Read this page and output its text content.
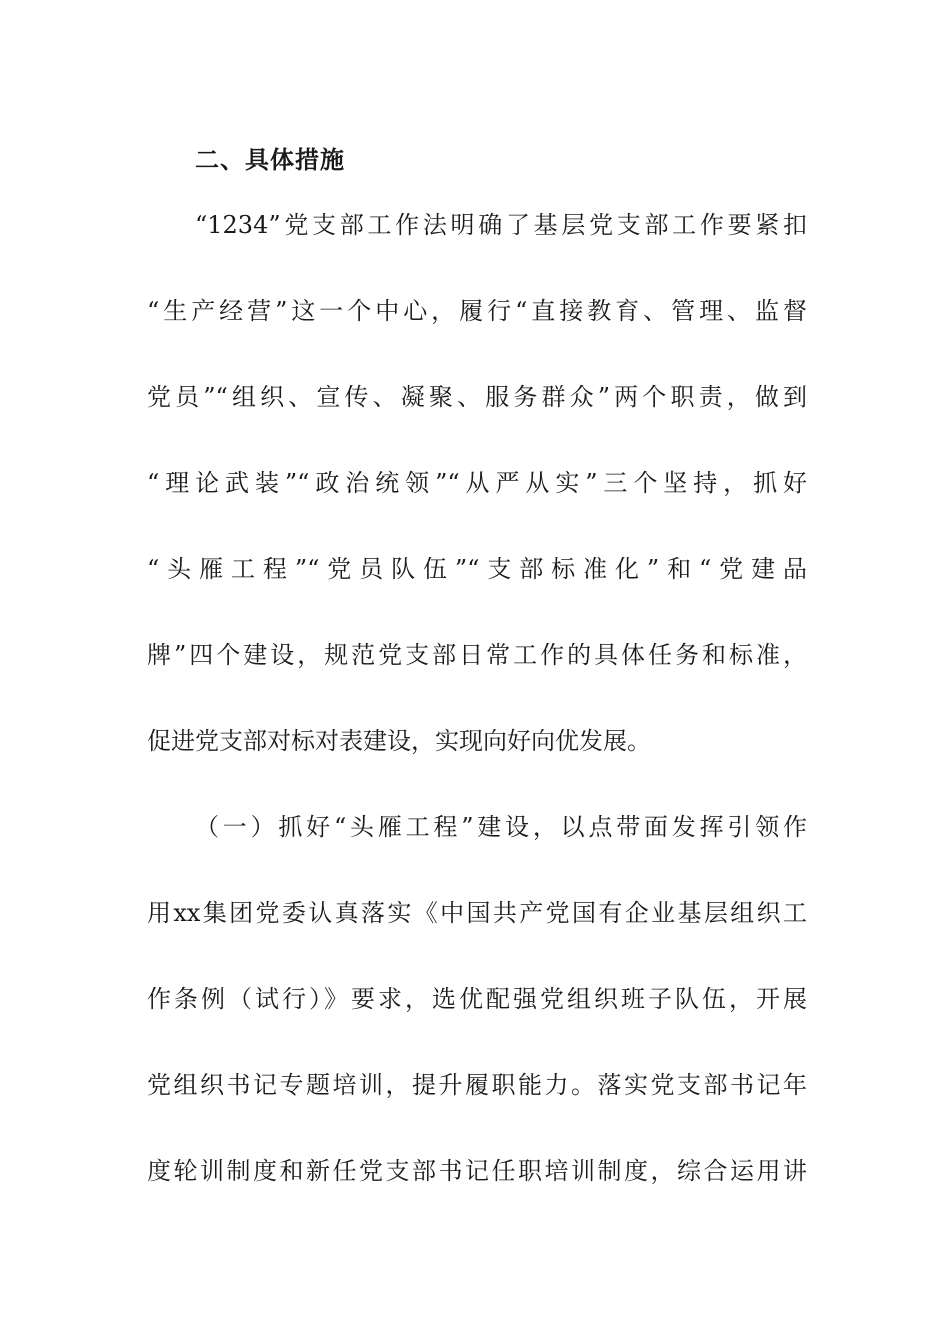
二、具体措施
“1234”党支部工作法明确了基层党支部工作要紧扣
“生产经营”这一个中心，履行“直接教育、管理、监督
党员”“组织、宣传、凝聚、服务群众”两个职责，做到
“理论武装”“政治统领”“从严从实”三个坚持，抓好
“头雁工程”“党员队伍”“支部标准化”和“党建品
牌”四个建设，规范党支部日常工作的具体任务和标准，
促进党支部对标对表建设，实现向好向优发展。
（一）抓好“头雁工程”建设，以点带面发挥引领作
用xx集团党委认真落实《中国共产党国有企业基层组织工
作条例（试行）》要求，选优配强党组织班子队伍，开展
党组织书记专题培训，提升履职能力。落实党支部书记年
度轮训制度和新任党支部书记任职培训制度，综合运用讲
